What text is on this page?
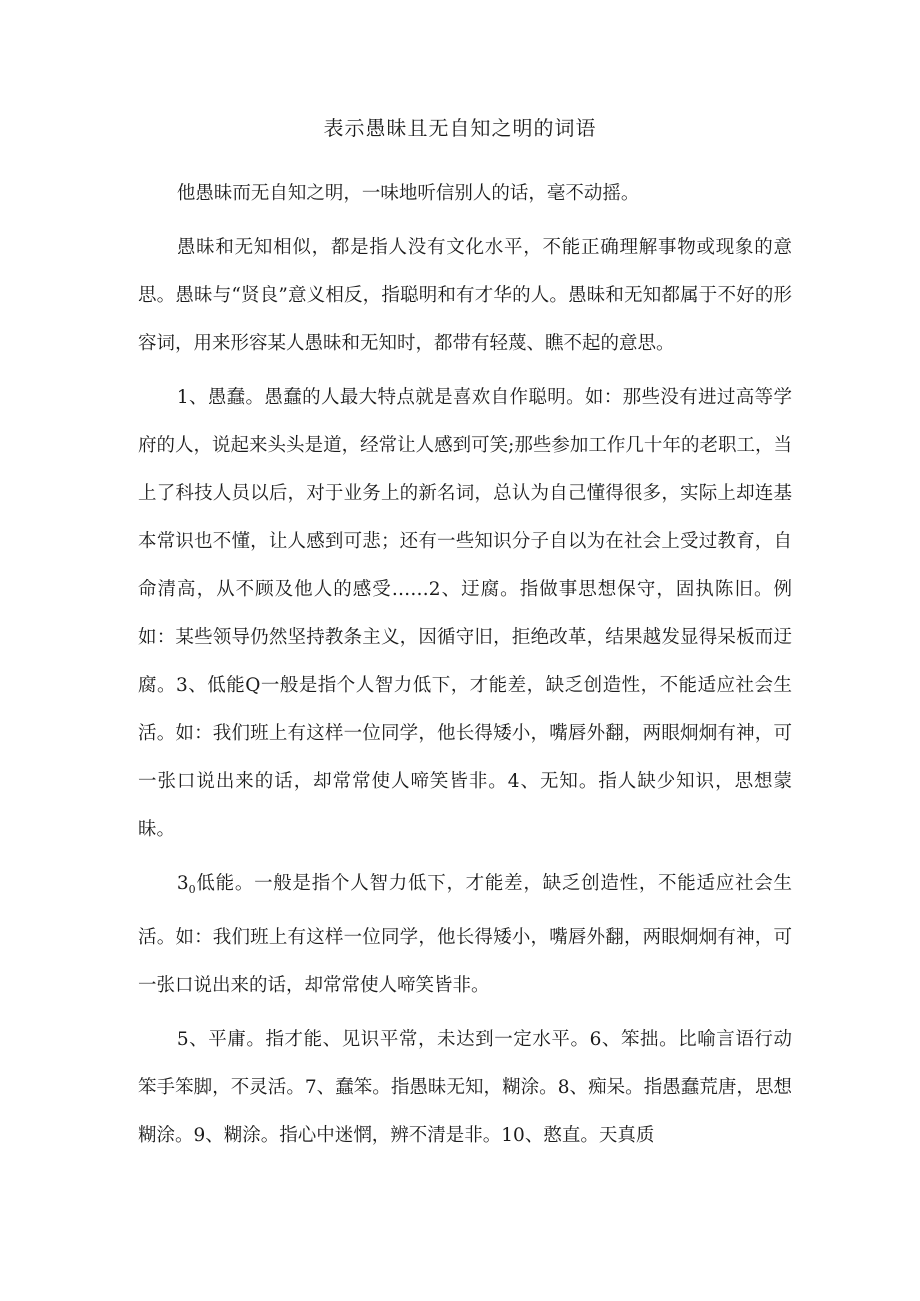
表示愚昧且无自知之明的词语

他愚昧而无自知之明，一味地听信别人的话，毫不动摇。

愚昧和无知相似，都是指人没有文化水平，不能正确理解事物或现象的意思。愚昧与“贤良”意义相反，指聪明和有才华的人。愚昧和无知都属于不好的形容词，用来形容某人愚昧和无知时，都带有轻蔑、瞧不起的意思。

1、愚蠢。愚蠢的人最大特点就是喜欢自作聪明。如：那些没有进过高等学府的人，说起来头头是道，经常让人感到可笑;那些参加工作几十年的老职工，当上了科技人员以后，对于业务上的新名词，总认为自己懂得很多，实际上却连基本常识也不懂，让人感到可悲；还有一些知识分子自以为在社会上受过教育，自命清高，从不顾及他人的感受……2、迂腐。指做事思想保守，固执陈旧。例如：某些领导仍然坚持教条主义，因循守旧，拒绝改革，结果越发显得呆板而迂腐。3、低能Q一般是指个人智力低下，才能差，缺乏创造性，不能适应社会生活。如：我们班上有这样一位同学，他长得矮小，嘴唇外翻，两眼炯炯有神，可一张口说出来的话，却常常使人啼笑皆非。4、无知。指人缺少知识，思想蒙昧。

$3_0$低能。一般是指个人智力低下，才能差，缺乏创造性，不能适应社会生活。如：我们班上有这样一位同学，他长得矮小，嘴唇外翻，两眼炯炯有神，可一张口说出来的话，却常常使人啼笑皆非。

5、平庸。指才能、见识平常，未达到一定水平。6、笨拙。比喻言语行动笨手笨脚，不灵活。7、蠢笨。指愚昧无知，糊涂。8、痴呆。指愚蠢荒唐，思想糊涂。9、糊涂。指心中迷惘，辨不清是非。10、憨直。天真质
